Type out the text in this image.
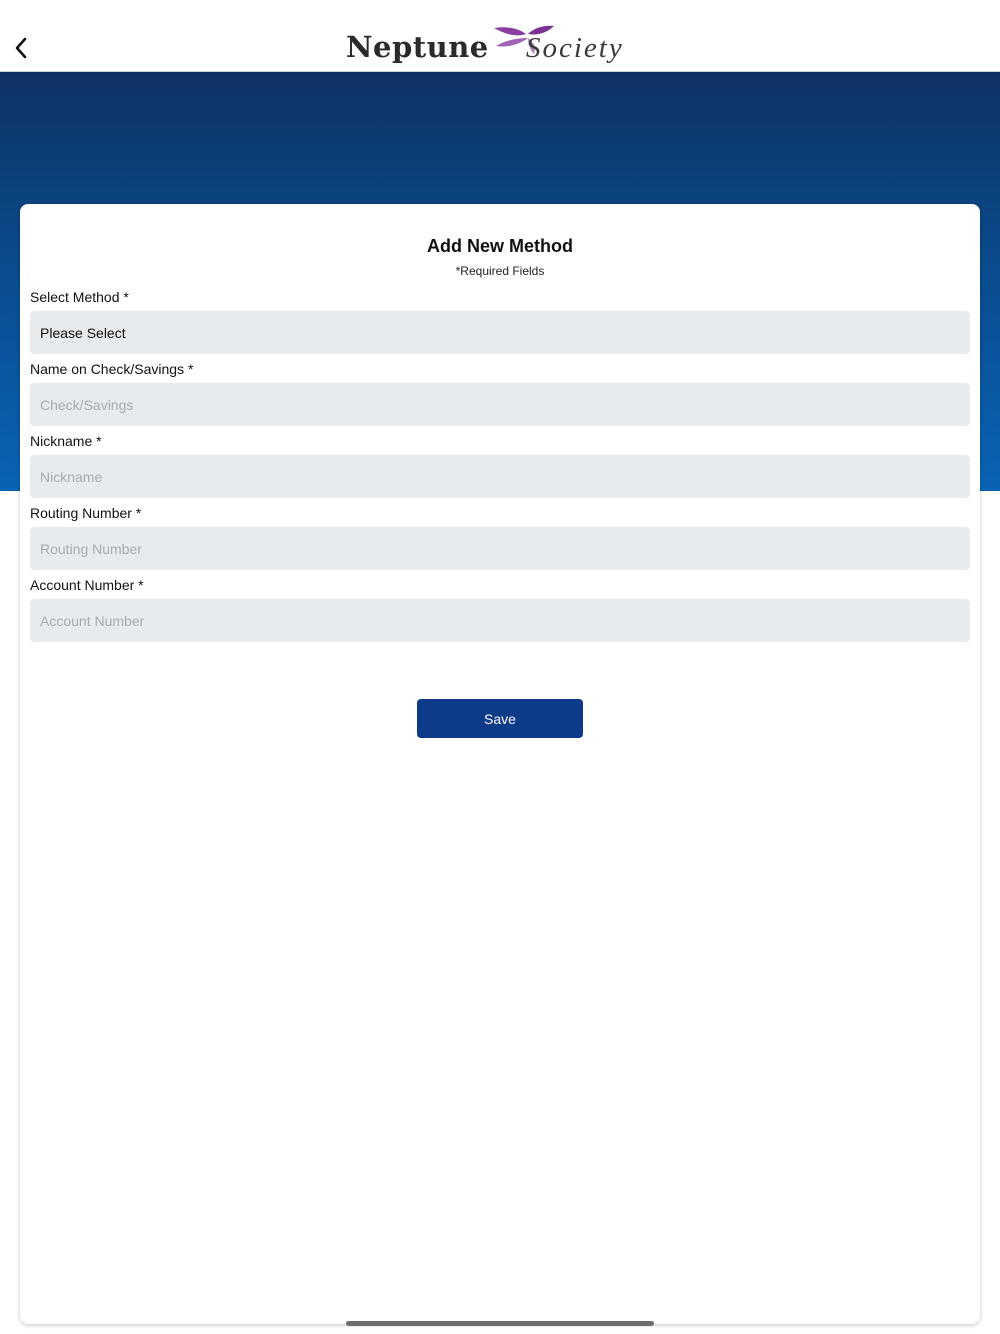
Neptune Society
Add New Method
*Required Fields
Select Method *
Please Select
Name on Check/Savings *
Check/Savings
Nickname *
Nickname
Routing Number *
Routing Number
Account Number *
Account Number
Save
